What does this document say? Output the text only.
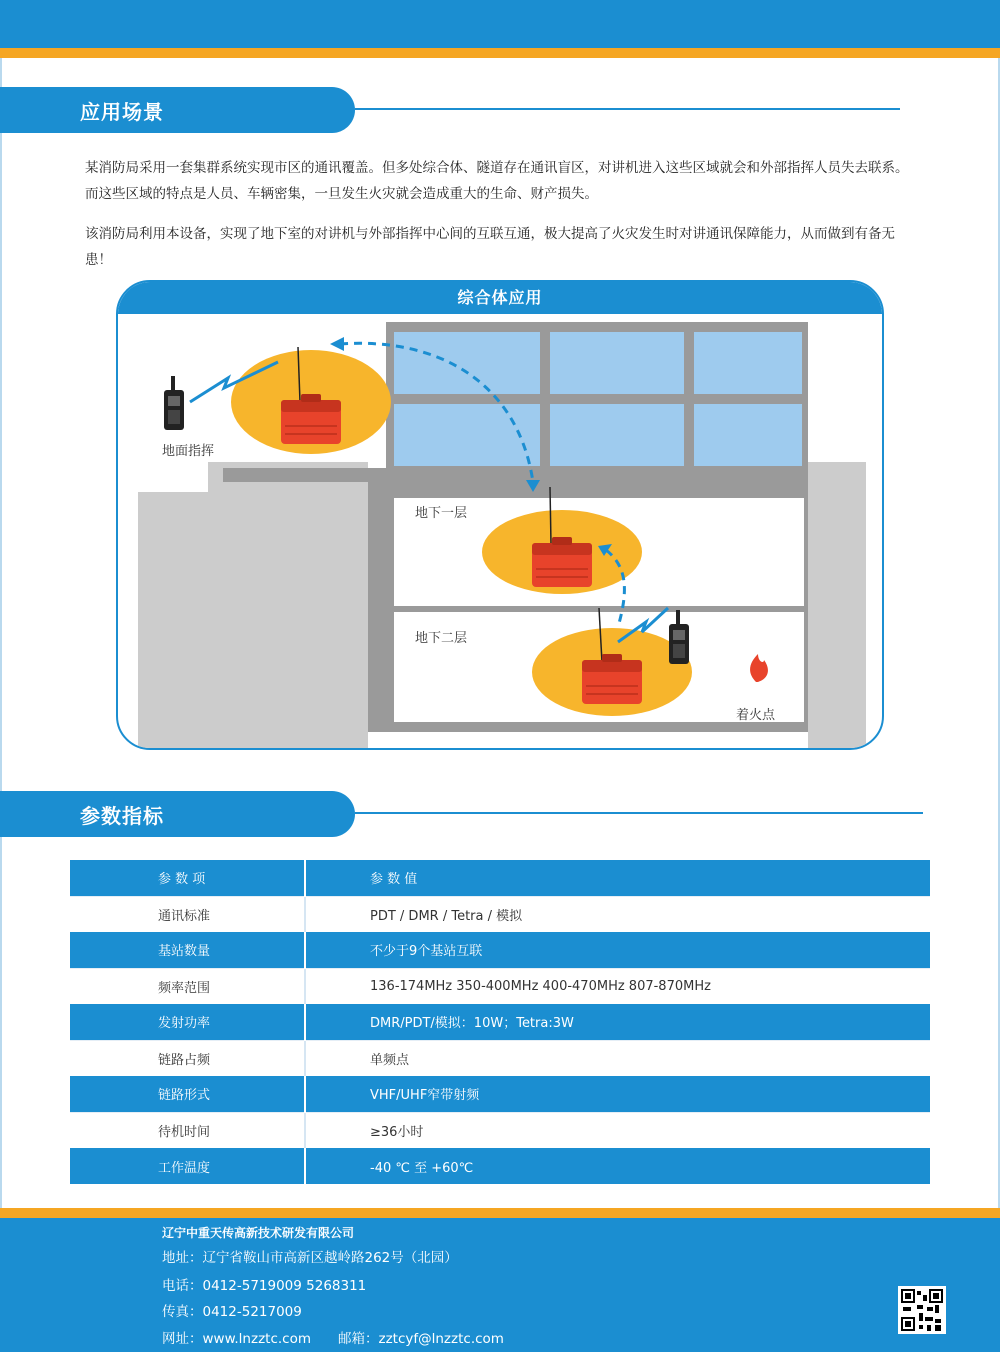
应用场景

某消防局采用一套集群系统实现市区的通讯覆盖。但多处综合体、隧道存在通讯盲区，对讲机进入这些区域就会和外部指挥人员失去联系。而这些区域的特点是人员、车辆密集，一旦发生火灾就会造成重大的生命、财产损失。

该消防局利用本设备，实现了地下室的对讲机与外部指挥中心间的互联互通，极大提高了火灾发生时对讲通讯保障能力，从而做到有备无患！

综合体应用
地面指挥
地下一层
地下二层
着火点
参数指标
参 数 项	参 数 值
通讯标准	PDT / DMR / Tetra / 模拟
基站数量	不少于9个基站互联
频率范围	136-174MHz 350-400MHz 400-470MHz 807-870MHz
发射功率	DMR/PDT/模拟：10W；Tetra:3W
链路占频	单频点
链路形式	VHF/UHF窄带射频
待机时间	≥36小时
工作温度	-40 ℃ 至 +60℃
辽宁中重天传高新技术研发有限公司
地址：辽宁省鞍山市高新区越岭路262号（北园）
电话：0412-5719009 5268311
传真：0412-5217009
网址：www.lnzztc.com 邮箱：zztcyf@lnzztc.com
